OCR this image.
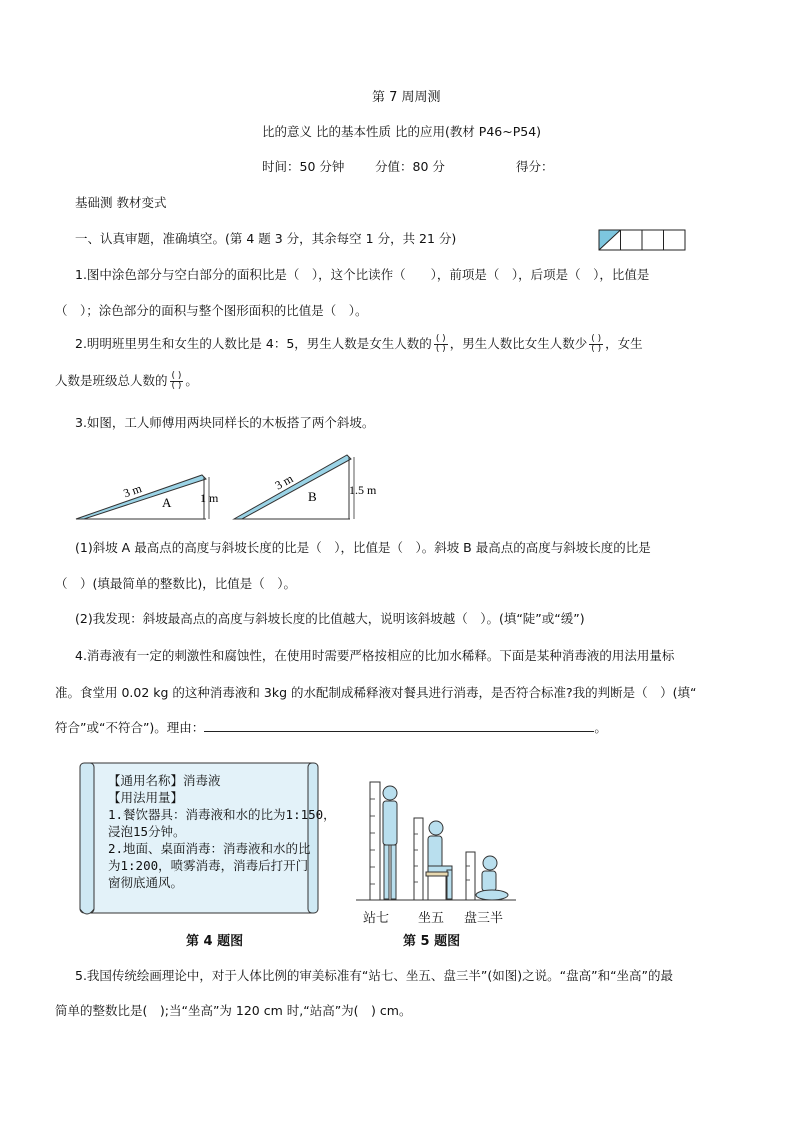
第 7 周周测
比的意义 比的基本性质 比的应用(教材 P46~P54)
时间：50 分钟 分值：80 分	得分：
基础测 教材变式
一、认真审题，准确填空。(第 4 题 3 分，其余每空 1 分，共 21 分)
1.图中涂色部分与空白部分的面积比是（　），这个比读作（　　），前项是（　），后项是（　），比值是
（　）；涂色部分的面积与整个图形面积的比值是（　）。
2.明明班里男生和女生的人数比是 4：5，男生人数是女生人数的 $\frac{( )}{( )}$ ，男生人数比女生人数少 $\frac{( )}{( )}$ ，女生
人数是班级总人数的 $\frac{( )}{( )}$ 。
3.如图，工人师傅用两块同样长的木板搭了两个斜坡。
3 m
A 1 m
3 m
B	1.5 m
(1)斜坡 A 最高点的高度与斜坡长度的比是（　），比值是（　）。斜坡 B 最高点的高度与斜坡长度的比是
（　）(填最简单的整数比)，比值是（　）。
(2)我发现：斜坡最高点的高度与斜坡长度的比值越大，说明该斜坡越（　）。(填“陡”或“缓”)
4.消毒液有一定的刺激性和腐蚀性，在使用时需要严格按相应的比加水稀释。下面是某种消毒液的用法用量标
准。食堂用 0.02 kg 的这种消毒液和 3kg 的水配制成稀释液对餐具进行消毒，是否符合标准?我的判断是（　）(填“
符合”或“不符合”)。理由：	。
【通用名称】消毒液
【用法用量】
1.餐饮器具：消毒液和水的比为1:150，
浸泡15分钟。
2.地面、桌面消毒：消毒液和水的比
为1:200，喷雾消毒，消毒后打开门
窗彻底通风。
第 4 题图
站七 坐五 盘三半
第 5 题图
5.我国传统绘画理论中，对于人体比例的审美标准有“站七、坐五、盘三半”(如图)之说。“盘高”和“坐高”的最
简单的整数比是(　);当“坐高”为 120 cm 时,“站高”为(　) cm。
